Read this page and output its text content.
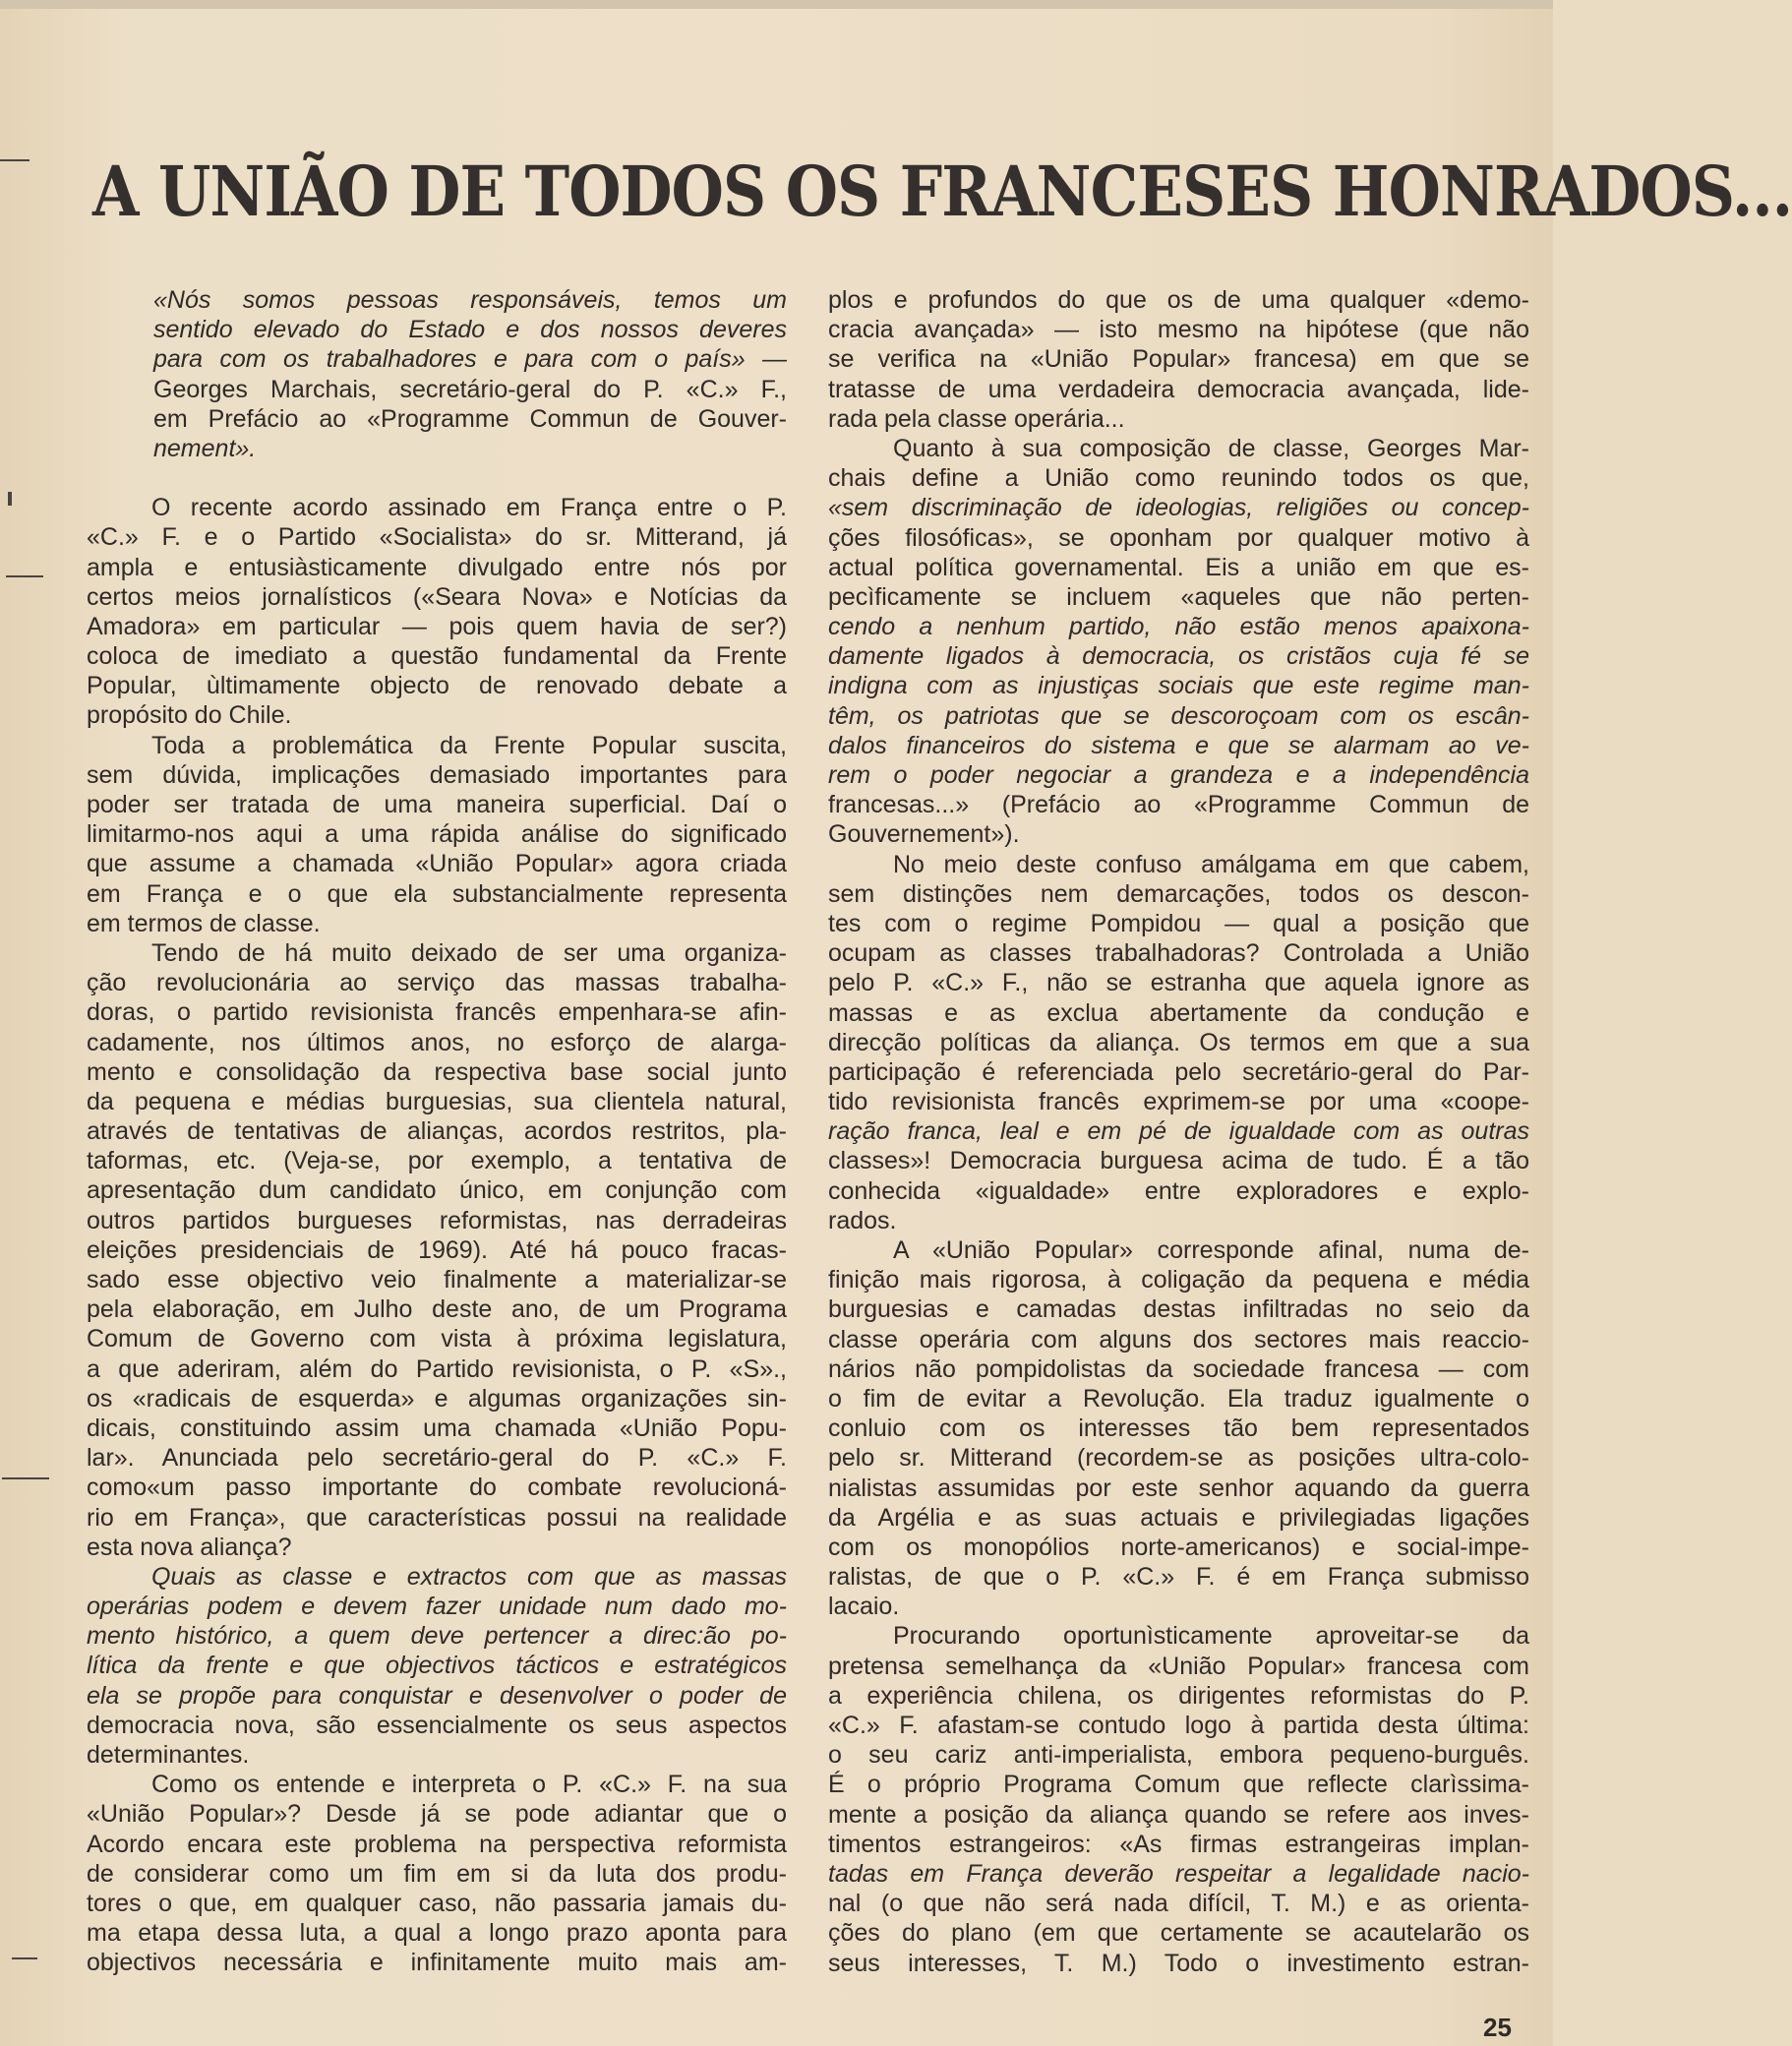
A UNIÃO DE TODOS OS FRANCESES HONRADOS...
«Nós somos pessoas responsáveis, temos um
sentido elevado do Estado e dos nossos deveres
para com os trabalhadores e para com o país» —
Georges Marchais, secretário-geral do P. «C.» F.,
em Prefácio ao «Programme Commun de Gouver-
nement».
O recente acordo assinado em França entre o P.
«C.» F. e o Partido «Socialista» do sr. Mitterand, já
ampla e entusiàsticamente divulgado entre nós por
certos meios jornalísticos («Seara Nova» e Notícias da
Amadora» em particular — pois quem havia de ser?)
coloca de imediato a questão fundamental da Frente
Popular, ùltimamente objecto de renovado debate a
propósito do Chile.
Toda a problemática da Frente Popular suscita,
sem dúvida, implicações demasiado importantes para
poder ser tratada de uma maneira superficial. Daí o
limitarmo-nos aqui a uma rápida análise do significado
que assume a chamada «União Popular» agora criada
em França e o que ela substancialmente representa
em termos de classe.
Tendo de há muito deixado de ser uma organiza-
ção revolucionária ao serviço das massas trabalha-
doras, o partido revisionista francês empenhara-se afin-
cadamente, nos últimos anos, no esforço de alarga-
mento e consolidação da respectiva base social junto
da pequena e médias burguesias, sua clientela natural,
através de tentativas de alianças, acordos restritos, pla-
taformas, etc. (Veja-se, por exemplo, a tentativa de
apresentação dum candidato único, em conjunção com
outros partidos burgueses reformistas, nas derradeiras
eleições presidenciais de 1969). Até há pouco fracas-
sado esse objectivo veio finalmente a materializar-se
pela elaboração, em Julho deste ano, de um Programa
Comum de Governo com vista à próxima legislatura,
a que aderiram, além do Partido revisionista, o P. «S».,
os «radicais de esquerda» e algumas organizações sin-
dicais, constituindo assim uma chamada «União Popu-
lar». Anunciada pelo secretário-geral do P. «C.» F.
como«um passo importante do combate revolucioná-
rio em França», que características possui na realidade
esta nova aliança?
Quais as classe e extractos com que as massas
operárias podem e devem fazer unidade num dado mo-
mento histórico, a quem deve pertencer a direc:ão po-
lítica da frente e que objectivos tácticos e estratégicos
ela se propõe para conquistar e desenvolver o poder de
democracia nova, são essencialmente os seus aspectos
determinantes.
Como os entende e interpreta o P. «C.» F. na sua
«União Popular»? Desde já se pode adiantar que o
Acordo encara este problema na perspectiva reformista
de considerar como um fim em si da luta dos produ-
tores o que, em qualquer caso, não passaria jamais du-
ma etapa dessa luta, a qual a longo prazo aponta para
objectivos necessária e infinitamente muito mais am-
plos e profundos do que os de uma qualquer «demo-
cracia avançada» — isto mesmo na hipótese (que não
se verifica na «União Popular» francesa) em que se
tratasse de uma verdadeira democracia avançada, lide-
rada pela classe operária...
Quanto à sua composição de classe, Georges Mar-
chais define a União como reunindo todos os que,
«sem discriminação de ideologias, religiões ou concep-
ções filosóficas», se oponham por qualquer motivo à
actual política governamental. Eis a união em que es-
pecìficamente se incluem «aqueles que não perten-
cendo a nenhum partido, não estão menos apaixona-
damente ligados à democracia, os cristãos cuja fé se
indigna com as injustiças sociais que este regime man-
têm, os patriotas que se descoroçoam com os escân-
dalos financeiros do sistema e que se alarmam ao ve-
rem o poder negociar a grandeza e a independência
francesas...» (Prefácio ao «Programme Commun de
Gouvernement»).
No meio deste confuso amálgama em que cabem,
sem distinções nem demarcações, todos os descon-
tes com o regime Pompidou — qual a posição que
ocupam as classes trabalhadoras? Controlada a União
pelo P. «C.» F., não se estranha que aquela ignore as
massas e as exclua abertamente da condução e
direcção políticas da aliança. Os termos em que a sua
participação é referenciada pelo secretário-geral do Par-
tido revisionista francês exprimem-se por uma «coope-
ração franca, leal e em pé de igualdade com as outras
classes»! Democracia burguesa acima de tudo. É a tão
conhecida «igualdade» entre exploradores e explo-
rados.
A «União Popular» corresponde afinal, numa de-
finição mais rigorosa, à coligação da pequena e média
burguesias e camadas destas infiltradas no seio da
classe operária com alguns dos sectores mais reaccio-
nários não pompidolistas da sociedade francesa — com
o fim de evitar a Revolução. Ela traduz igualmente o
conluio com os interesses tão bem representados
pelo sr. Mitterand (recordem-se as posições ultra-colo-
nialistas assumidas por este senhor aquando da guerra
da Argélia e as suas actuais e privilegiadas ligações
com os monopólios norte-americanos) e social-impe-
ralistas, de que o P. «C.» F. é em França submisso
lacaio.
Procurando oportunìsticamente aproveitar-se da
pretensa semelhança da «União Popular» francesa com
a experiência chilena, os dirigentes reformistas do P.
«C.» F. afastam-se contudo logo à partida desta última:
o seu cariz anti-imperialista, embora pequeno-burguês.
É o próprio Programa Comum que reflecte clarìssima-
mente a posição da aliança quando se refere aos inves-
timentos estrangeiros: «As firmas estrangeiras implan-
tadas em França deverão respeitar a legalidade nacio-
nal (o que não será nada difícil, T. M.) e as orienta-
ções do plano (em que certamente se acautelarão os
seus interesses, T. M.) Todo o investimento estran-
25
